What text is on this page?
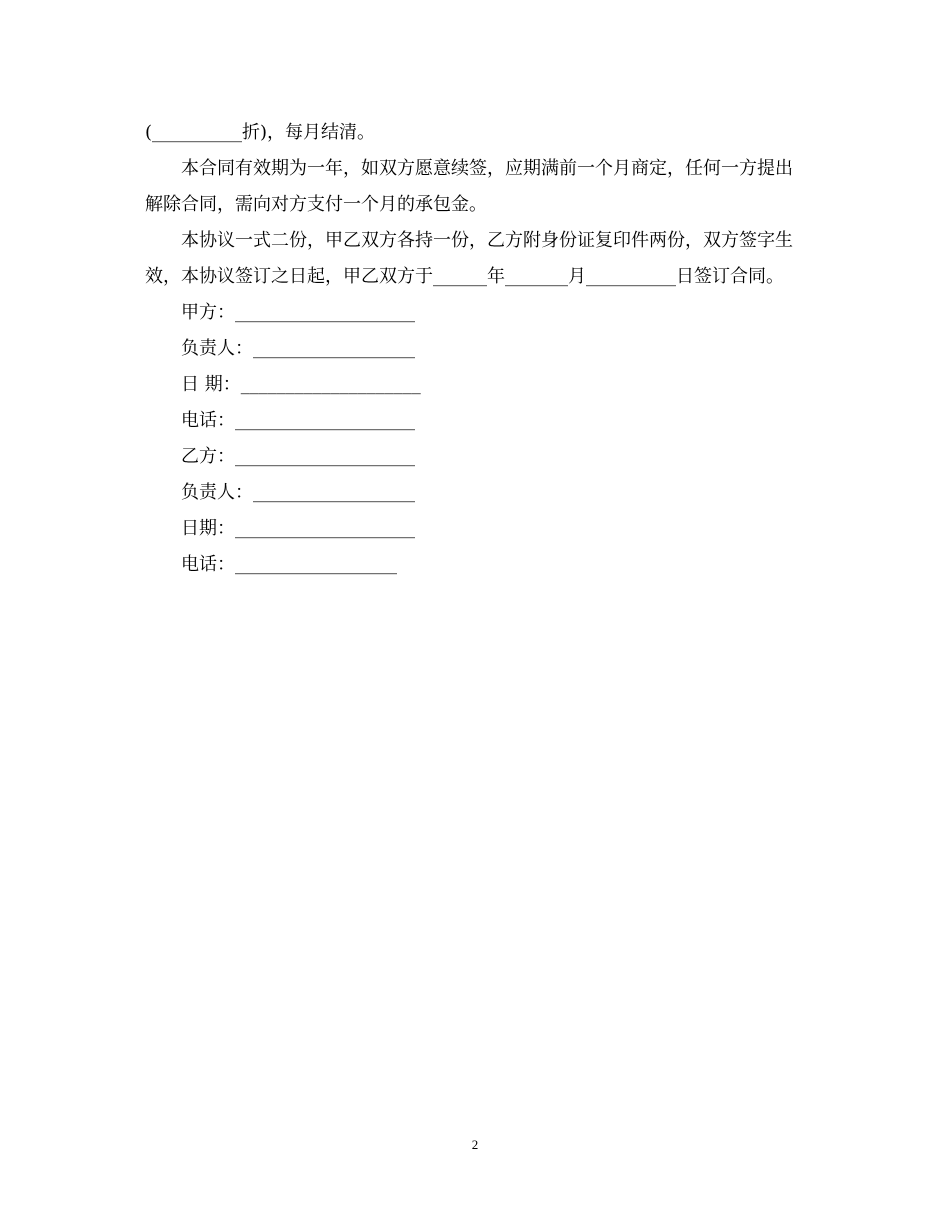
(__________折)，每月结清。

本合同有效期为一年，如双方愿意续签，应期满前一个月商定，任何一方提出解除合同，需向对方支付一个月的承包金。

本协议一式二份，甲乙双方各持一份，乙方附身份证复印件两份，双方签字生效，本协议签订之日起，甲乙双方于______年_______月__________日签订合同。

甲方：____________________

负责人：__________________

日 期：____________________

电话：____________________

乙方：____________________

负责人：__________________

日期：____________________

电话：__________________

2
